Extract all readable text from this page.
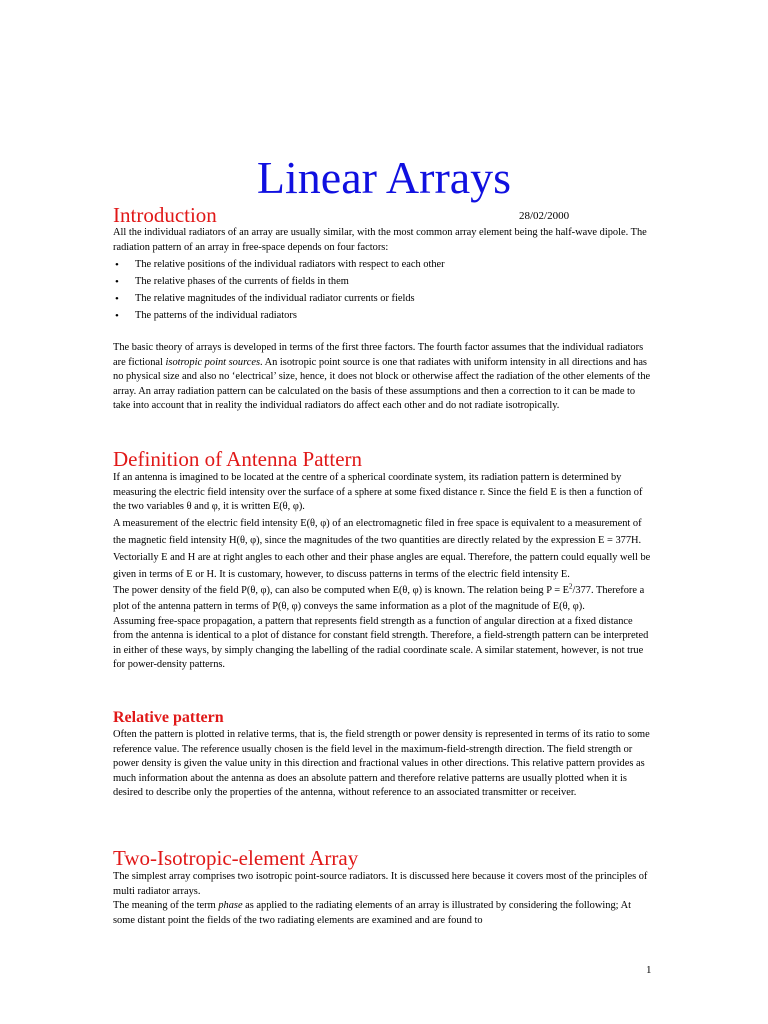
Linear Arrays
Introduction	28/02/2000

All the individual radiators of an array are usually similar, with the most common array element being the half-wave dipole. The radiation pattern of an array in free-space depends on four factors:

• The relative positions of the individual radiators with respect to each other
• The relative phases of the currents of fields in them
• The relative magnitudes of the individual radiator currents or fields
• The patterns of the individual radiators

The basic theory of arrays is developed in terms of the first three factors. The fourth factor assumes that the individual radiators are fictional isotropic point sources. An isotropic point source is one that radiates with uniform intensity in all directions and has no physical size and also no ‘electrical’ size, hence, it does not block or otherwise affect the radiation of the other elements of the array. An array radiation pattern can be calculated on the basis of these assumptions and then a correction to it can be made to take into account that in reality the individual radiators do affect each other and do not radiate isotropically.

Definition of Antenna Pattern

If an antenna is imagined to be located at the centre of a spherical coordinate system, its radiation pattern is determined by measuring the electric field intensity over the surface of a sphere at some fixed distance r. Since the field E is then a function of the two variables θ and φ, it is written E(θ, φ).

A measurement of the electric field intensity E(θ, φ) of an electromagnetic filed in free space is equivalent to a measurement of the magnetic field intensity H(θ, φ), since the magnitudes of the two quantities are directly related by the expression E = 377H. Vectorially E and H are at right angles to each other and their phase angles are equal. Therefore, the pattern could equally well be given in terms of E or H. It is customary, however, to discuss patterns in terms of the electric field intensity E.

The power density of the field P(θ, φ), can also be computed when E(θ, φ) is known. The relation being $P = E^2/377$. Therefore a plot of the antenna pattern in terms of P(θ, φ) conveys the same information as a plot of the magnitude of E(θ, φ).

Assuming free-space propagation, a pattern that represents field strength as a function of angular direction at a fixed distance from the antenna is identical to a plot of distance for constant field strength. Therefore, a field-strength pattern can be interpreted in either of these ways, by simply changing the labelling of the radial coordinate scale. A similar statement, however, is not true for power-density patterns.

Relative pattern

Often the pattern is plotted in relative terms, that is, the field strength or power density is represented in terms of its ratio to some reference value. The reference usually chosen is the field level in the maximum-field-strength direction. The field strength or power density is given the value unity in this direction and fractional values in other directions. This relative pattern provides as much information about the antenna as does an absolute pattern and therefore relative patterns are usually plotted when it is desired to describe only the properties of the antenna, without reference to an associated transmitter or receiver.

Two-Isotropic-element Array

The simplest array comprises two isotropic point-source radiators. It is discussed here because it covers most of the principles of multi radiator arrays.

The meaning of the term phase as applied to the radiating elements of an array is illustrated by considering the following; At some distant point the fields of the two radiating elements are examined and are found to

1
